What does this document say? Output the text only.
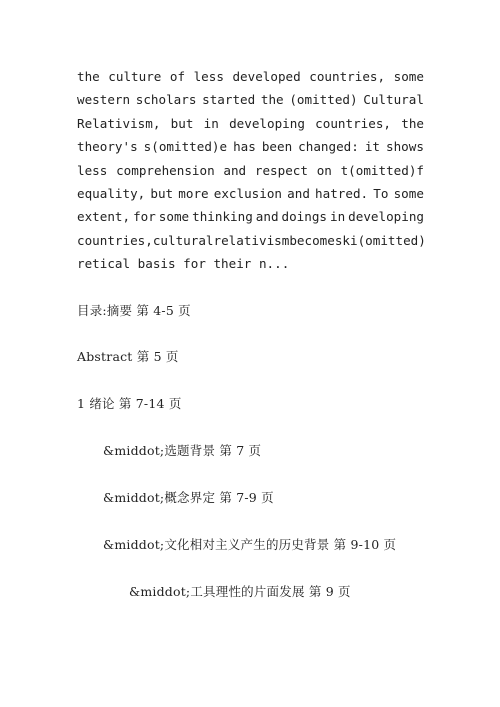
the culture of less developed countries, some
western scholars started the (omitted) Cultural
Relativism, but in developing countries, the
theory's s(omitted)e has been changed: it shows
less comprehension and respect on t(omitted)f
equality, but more exclusion and hatred. To some
extent, for some thinking and doings in developing
countries, cultural relativism becomes ki(omitted)
retical basis for their n...
目录:摘要 第 4-5 页
Abstract 第 5 页
1 绪论 第 7-14 页
&middot;选题背景 第 7 页
&middot;概念界定 第 7-9 页
&middot;文化相对主义产生的历史背景 第 9-10 页
&middot;工具理性的片面发展 第 9 页
